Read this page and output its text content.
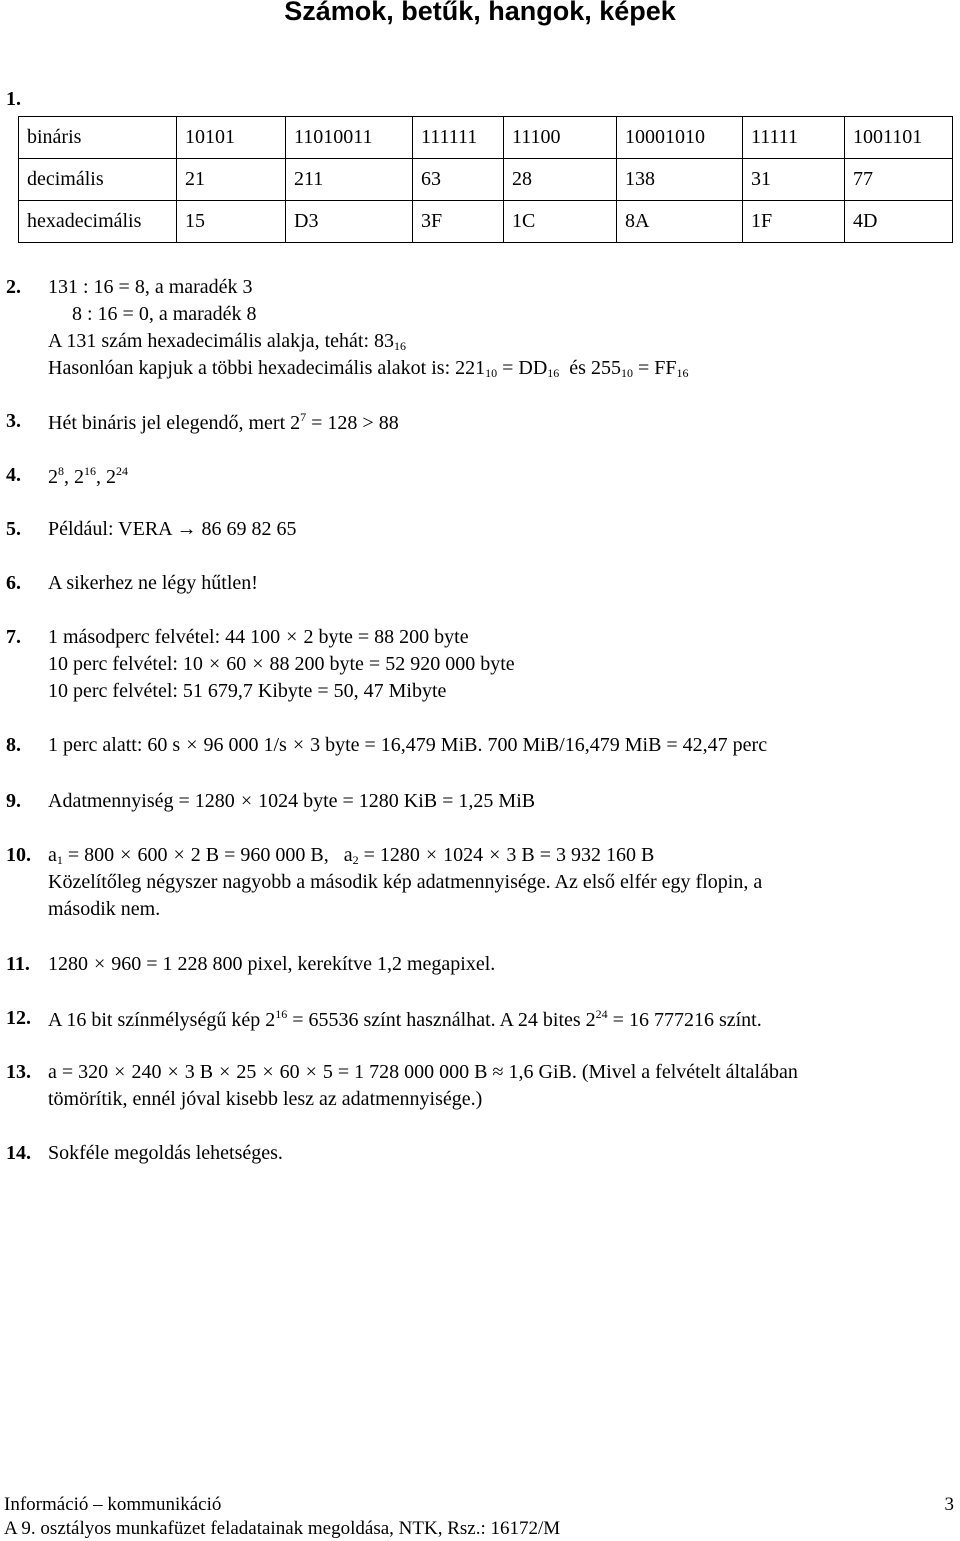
Számok, betűk, hangok, képek
1.
bináris	10101	11010011	111111	11100	10001010	11111	1001101
decimális	21	211	63	28	138	31	77
hexadecimális	15	D3	3F	1C	8A	1F	4D
2. 131 : 16 = 8, a maradék 3
8 : 16 = 0, a maradék 8
A 131 szám hexadecimális alakja, tehát: $83_{16}$
Hasonlóan kapjuk a többi hexadecimális alakot is: $221_{10} = DD_{16}$  és $255_{10} = FF_{16}$
3. Hét bináris jel elegendő, mert $2^7 = 128 > 88$
4. $2^8$, $2^{16}$, $2^{24}$
5. Például: VERA → 86 69 82 65
6. A sikerhez ne légy hűtlen!
7. 1 másodperc felvétel: 44 100 × 2 byte = 88 200 byte
10 perc felvétel: 10 × 60 × 88 200 byte = 52 920 000 byte
10 perc felvétel: 51 679,7 Kibyte = 50, 47 Mibyte
8. 1 perc alatt: 60 s × 96 000 1/s × 3 byte = 16,479 MiB. 700 MiB/16,479 MiB = 42,47 perc
9. Adatmennyiség = 1280 × 1024 byte = 1280 KiB = 1,25 MiB
10. $a_1 = 800 \times 600 \times 2$ B = 960 000 B,   $a_2 = 1280 \times 1024 \times 3$ B = 3 932 160 B
Közelítőleg négyszer nagyobb a második kép adatmennyisége. Az első elfér egy flopin, a
második nem.
11. 1280 × 960 = 1 228 800 pixel, kerekítve 1,2 megapixel.
12. A 16 bit színmélységű kép $2^{16} = 65536$ színt használhat. A 24 bites $2^{24} = 16$ 777216 színt.
13. a = 320 × 240 × 3 B × 25 × 60 × 5 = 1 728 000 000 B ≈ 1,6 GiB. (Mivel a felvételt általában
tömörítik, ennél jóval kisebb lesz az adatmennyisége.)
14. Sokféle megoldás lehetséges.
Információ – kommunikáció	3
A 9. osztályos munkafüzet feladatainak megoldása, NTK, Rsz.: 16172/M
